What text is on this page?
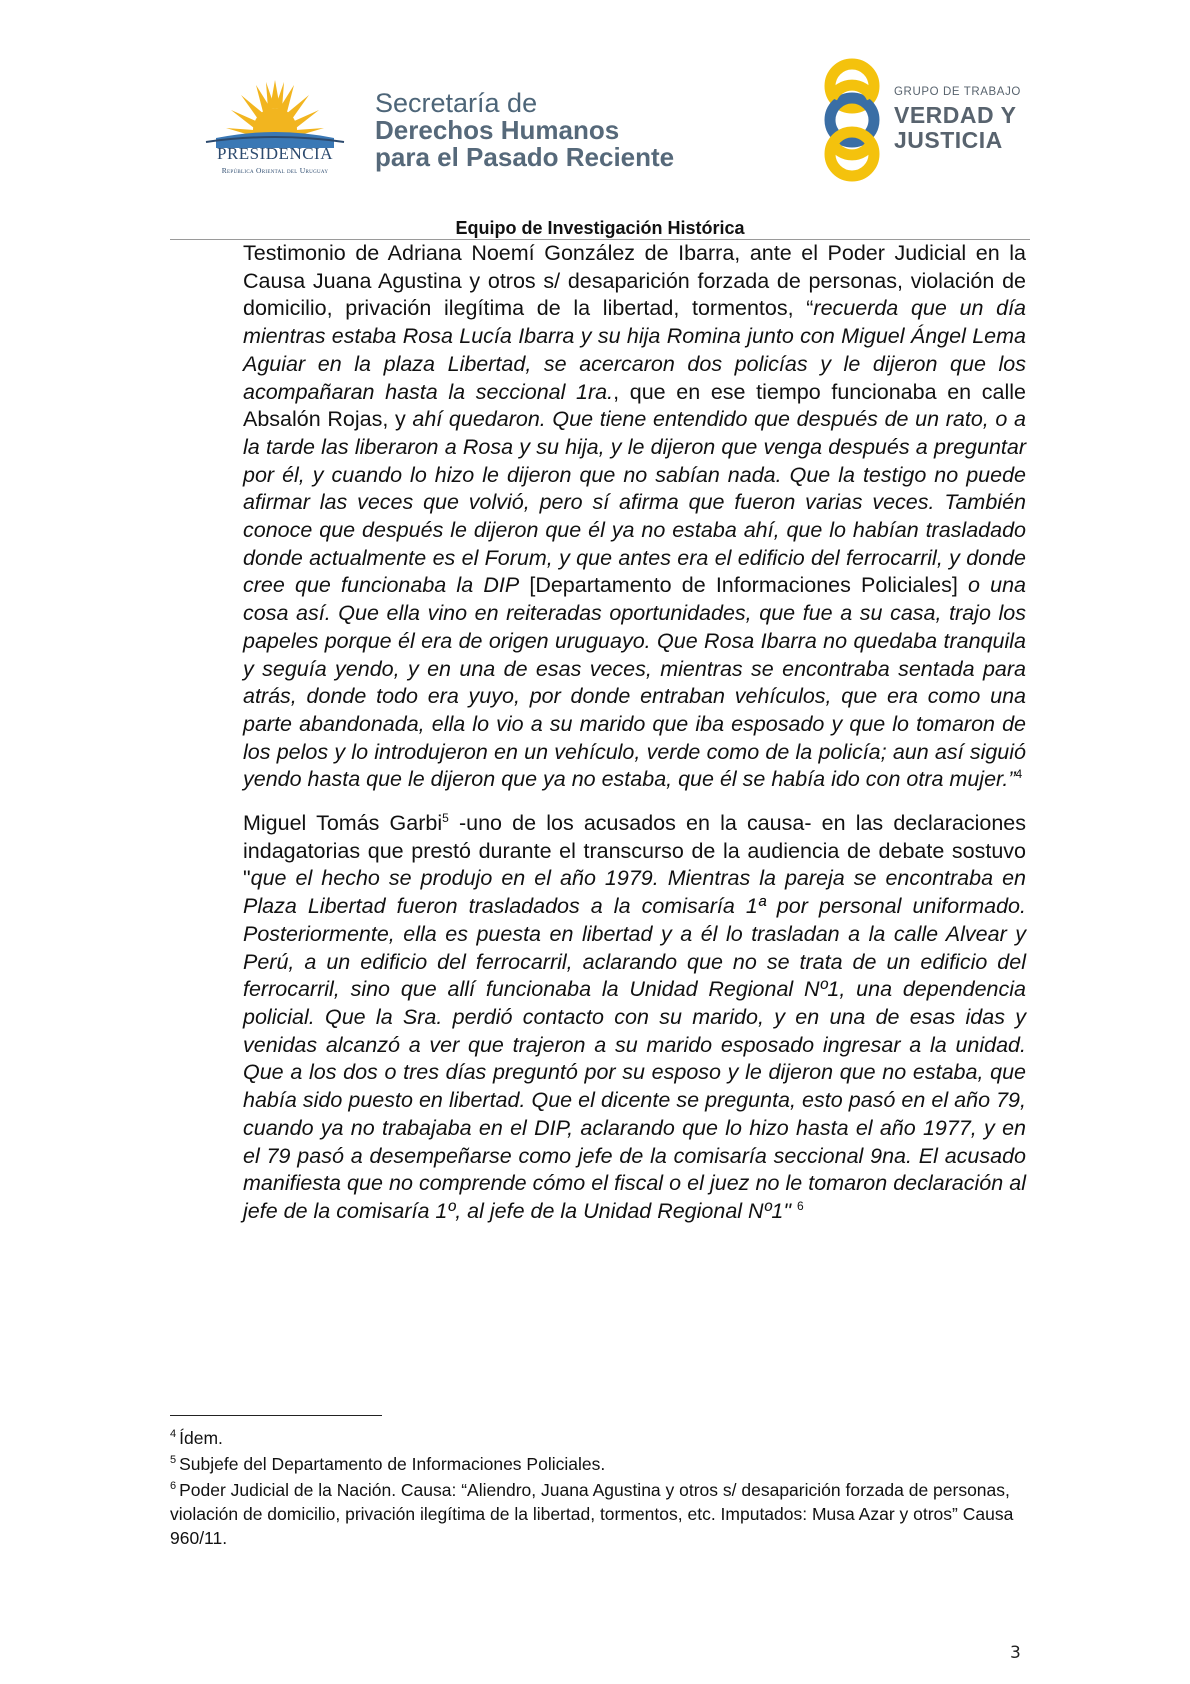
PRESIDENCIA
República Oriental del Uruguay
Secretaría de
Derechos Humanos
para el Pasado Reciente
GRUPO DE TRABAJO
VERDAD Y
JUSTICIA
Equipo de Investigación Histórica

Testimonio de Adriana Noemí González de Ibarra, ante el Poder Judicial en la Causa Juana Agustina y otros s/ desaparición forzada de personas, violación de domicilio, privación ilegítima de la libertad, tormentos, “recuerda que un día mientras estaba Rosa Lucía Ibarra y su hija Romina junto con Miguel Ángel Lema Aguiar en la plaza Libertad, se acercaron dos policías y le dijeron que los acompañaran hasta la seccional 1ra., que en ese tiempo funcionaba en calle Absalón Rojas, y ahí quedaron. Que tiene entendido que después de un rato, o a la tarde las liberaron a Rosa y su hija, y le dijeron que venga después a preguntar por él, y cuando lo hizo le dijeron que no sabían nada. Que la testigo no puede afirmar las veces que volvió, pero sí afirma que fueron varias veces. También conoce que después le dijeron que él ya no estaba ahí, que lo habían trasladado donde actualmente es el Forum, y que antes era el edificio del ferrocarril, y donde cree que funcionaba la DIP [Departamento de Informaciones Policiales] o una cosa así. Que ella vino en reiteradas oportunidades, que fue a su casa, trajo los papeles porque él era de origen uruguayo. Que Rosa Ibarra no quedaba tranquila y seguía yendo, y en una de esas veces, mientras se encontraba sentada para atrás, donde todo era yuyo, por donde entraban vehículos, que era como una parte abandonada, ella lo vio a su marido que iba esposado y que lo tomaron de los pelos y lo introdujeron en un vehículo, verde como de la policía; aun así siguió yendo hasta que le dijeron que ya no estaba, que él se había ido con otra mujer.”$^4$

Miguel Tomás Garbi$^5$ -uno de los acusados en la causa- en las declaraciones indagatorias que prestó durante el transcurso de la audiencia de debate sostuvo "que el hecho se produjo en el año 1979. Mientras la pareja se encontraba en Plaza Libertad fueron trasladados a la comisaría 1ª por personal uniformado. Posteriormente, ella es puesta en libertad y a él lo trasladan a la calle Alvear y Perú, a un edificio del ferrocarril, aclarando que no se trata de un edificio del ferrocarril, sino que allí funcionaba la Unidad Regional Nº1, una dependencia policial. Que la Sra. perdió contacto con su marido, y en una de esas idas y venidas alcanzó a ver que trajeron a su marido esposado ingresar a la unidad. Que a los dos o tres días preguntó por su esposo y le dijeron que no estaba, que había sido puesto en libertad. Que el dicente se pregunta, esto pasó en el año 79, cuando ya no trabajaba en el DIP, aclarando que lo hizo hasta el año 1977, y en el 79 pasó a desempeñarse como jefe de la comisaría seccional 9na. El acusado manifiesta que no comprende cómo el fiscal o el juez no le tomaron declaración al jefe de la comisaría 1º, al jefe de la Unidad Regional Nº1" $^6$

$^4$ Ídem.
$^5$ Subjefe del Departamento de Informaciones Policiales.
$^6$ Poder Judicial de la Nación. Causa: “Aliendro, Juana Agustina y otros s/ desaparición forzada de personas, violación de domicilio, privación ilegítima de la libertad, tormentos, etc. Imputados: Musa Azar y otros” Causa 960/11.
3
